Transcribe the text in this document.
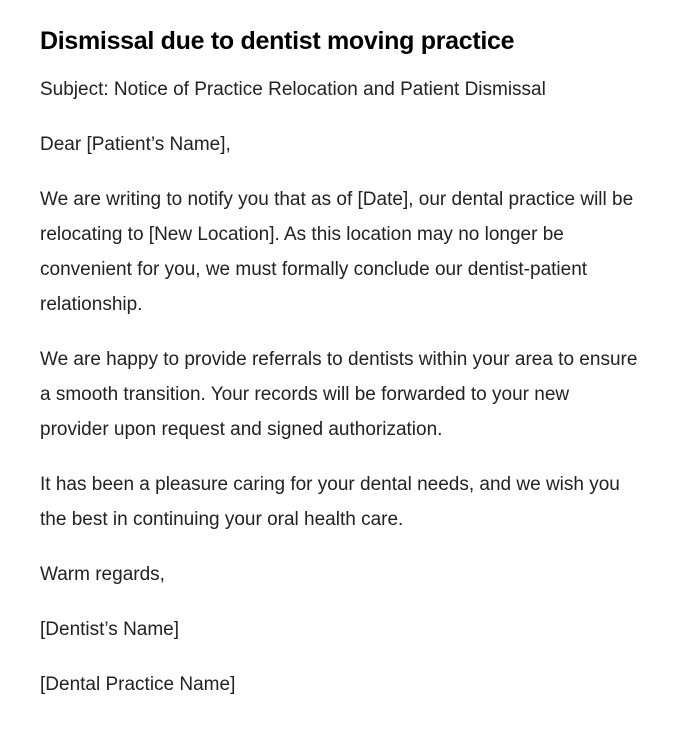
Dismissal due to dentist moving practice

Subject: Notice of Practice Relocation and Patient Dismissal

Dear [Patient’s Name],

We are writing to notify you that as of [Date], our dental practice will be relocating to [New Location]. As this location may no longer be convenient for you, we must formally conclude our dentist-patient relationship.

We are happy to provide referrals to dentists within your area to ensure a smooth transition. Your records will be forwarded to your new provider upon request and signed authorization.

It has been a pleasure caring for your dental needs, and we wish you the best in continuing your oral health care.

Warm regards,

[Dentist’s Name]

[Dental Practice Name]
